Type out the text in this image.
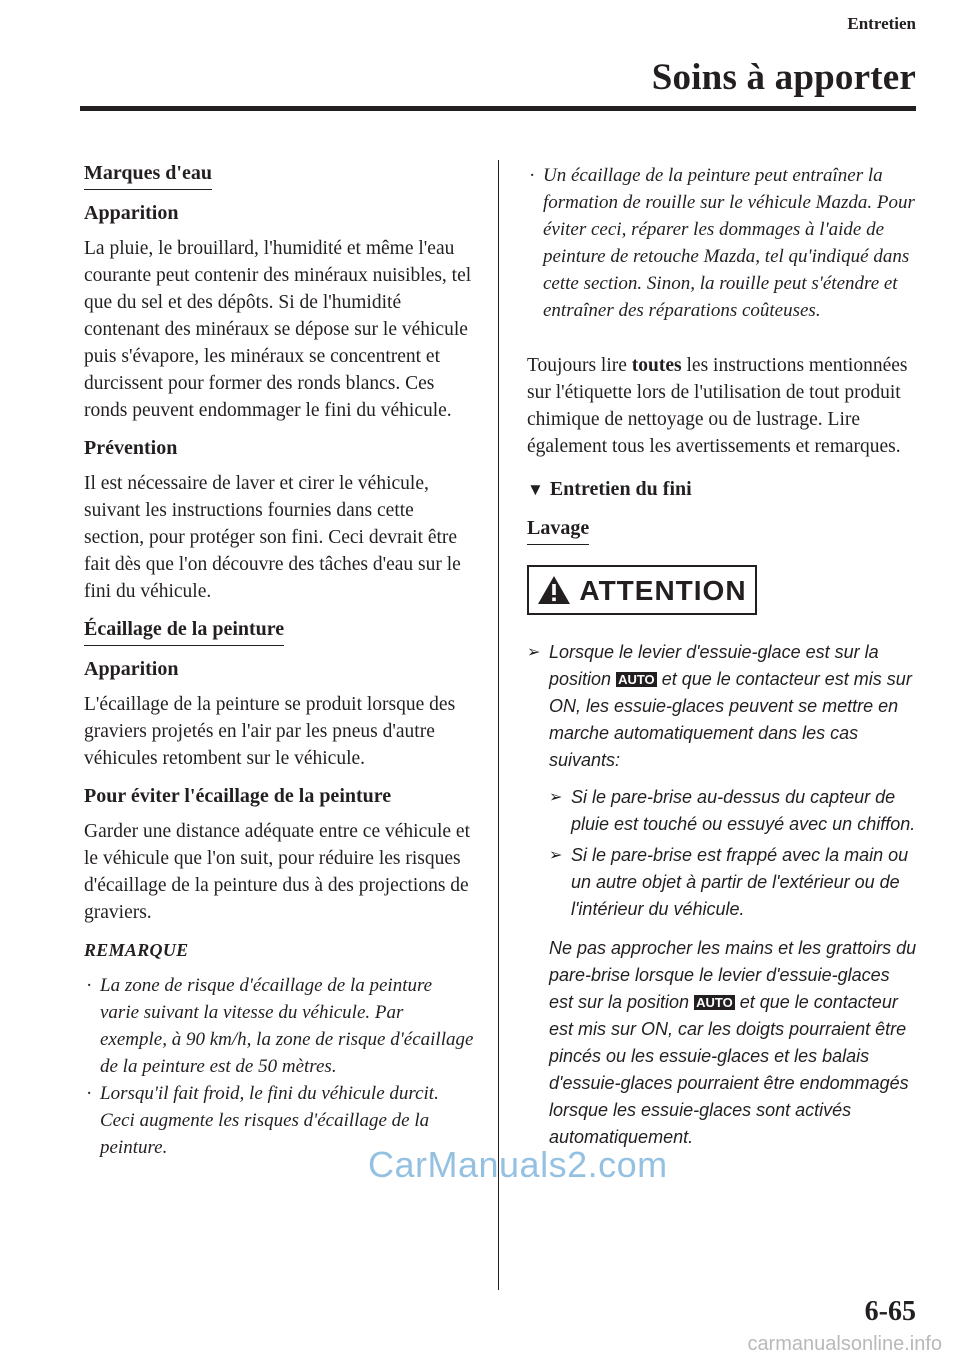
Entretien
Soins à apporter
Marques d'eau
Apparition

La pluie, le brouillard, l'humidité et même l'eau courante peut contenir des minéraux nuisibles, tel que du sel et des dépôts. Si de l'humidité contenant des minéraux se dépose sur le véhicule puis s'évapore, les minéraux se concentrent et durcissent pour former des ronds blancs. Ces ronds peuvent endommager le fini du véhicule.

Prévention

Il est nécessaire de laver et cirer le véhicule, suivant les instructions fournies dans cette section, pour protéger son fini. Ceci devrait être fait dès que l'on découvre des tâches d'eau sur le fini du véhicule.

Écaillage de la peinture
Apparition

L'écaillage de la peinture se produit lorsque des graviers projetés en l'air par les pneus d'autre véhicules retombent sur le véhicule.

Pour éviter l'écaillage de la peinture

Garder une distance adéquate entre ce véhicule et le véhicule que l'on suit, pour réduire les risques d'écaillage de la peinture dus à des projections de graviers.

REMARQUE
· La zone de risque d'écaillage de la peinture varie suivant la vitesse du véhicule. Par exemple, à 90 km/h, la zone de risque d'écaillage de la peinture est de 50 mètres.
· Lorsqu'il fait froid, le fini du véhicule durcit. Ceci augmente les risques d'écaillage de la peinture.
· Un écaillage de la peinture peut entraîner la formation de rouille sur le véhicule Mazda. Pour éviter ceci, réparer les dommages à l'aide de peinture de retouche Mazda, tel qu'indiqué dans cette section. Sinon, la rouille peut s'étendre et entraîner des réparations coûteuses.

Toujours lire toutes les instructions mentionnées sur l'étiquette lors de l'utilisation de tout produit chimique de nettoyage ou de lustrage. Lire également tous les avertissements et remarques.

▼ Entretien du fini
Lavage
ATTENTION
➢ Lorsque le levier d'essuie-glace est sur la position AUTO et que le contacteur est mis sur ON, les essuie-glaces peuvent se mettre en marche automatiquement dans les cas suivants:
➢ Si le pare-brise au-dessus du capteur de pluie est touché ou essuyé avec un chiffon.
➢ Si le pare-brise est frappé avec la main ou un autre objet à partir de l'extérieur ou de l'intérieur du véhicule.
Ne pas approcher les mains et les grattoirs du pare-brise lorsque le levier d'essuie-glaces est sur la position AUTO et que le contacteur est mis sur ON, car les doigts pourraient être pincés ou les essuie-glaces et les balais d'essuie-glaces pourraient être endommagés lorsque les essuie-glaces sont activés automatiquement.
CarManuals2.com
6-65
carmanualsonline.info
